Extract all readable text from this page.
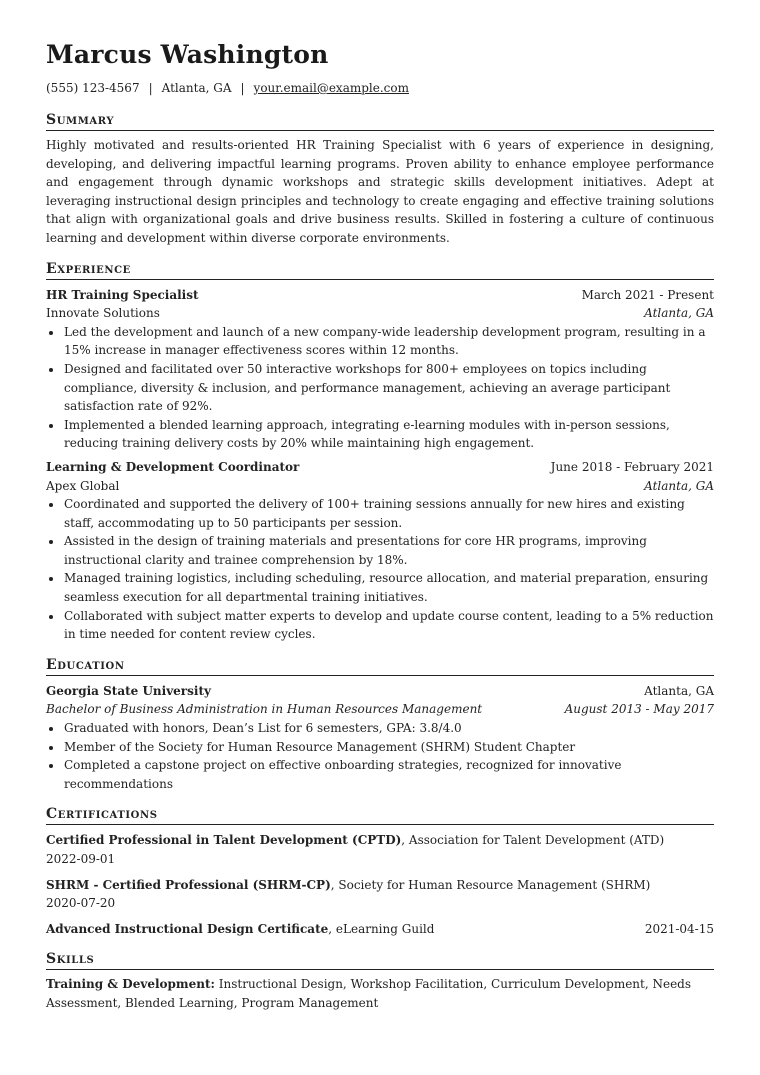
Marcus Washington
(555) 123-4567 | Atlanta, GA | your.email@example.com
Summary
Highly motivated and results-oriented HR Training Specialist with 6 years of experience in designing, developing, and delivering impactful learning programs. Proven ability to enhance employee performance and engagement through dynamic workshops and strategic skills development initiatives. Adept at leveraging instructional design principles and technology to create engaging and effective training solutions that align with organizational goals and drive business results. Skilled in fostering a culture of continuous learning and development within diverse corporate environments.
Experience
HR Training Specialist	March 2021 - Present
Innovate Solutions	Atlanta, GA
• Led the development and launch of a new company-wide leadership development program, resulting in a 15% increase in manager effectiveness scores within 12 months.
• Designed and facilitated over 50 interactive workshops for 800+ employees on topics including compliance, diversity & inclusion, and performance management, achieving an average participant satisfaction rate of 92%.
• Implemented a blended learning approach, integrating e-learning modules with in-person sessions, reducing training delivery costs by 20% while maintaining high engagement.
Learning & Development Coordinator	June 2018 - February 2021
Apex Global	Atlanta, GA
• Coordinated and supported the delivery of 100+ training sessions annually for new hires and existing staff, accommodating up to 50 participants per session.
• Assisted in the design of training materials and presentations for core HR programs, improving instructional clarity and trainee comprehension by 18%.
• Managed training logistics, including scheduling, resource allocation, and material preparation, ensuring seamless execution for all departmental training initiatives.
• Collaborated with subject matter experts to develop and update course content, leading to a 5% reduction in time needed for content review cycles.
Education
Georgia State University	Atlanta, GA
Bachelor of Business Administration in Human Resources Management	August 2013 - May 2017
• Graduated with honors, Dean’s List for 6 semesters, GPA: 3.8/4.0
• Member of the Society for Human Resource Management (SHRM) Student Chapter
• Completed a capstone project on effective onboarding strategies, recognized for innovative recommendations
Certifications
Certified Professional in Talent Development (CPTD), Association for Talent Development (ATD)
2022-09-01
SHRM - Certified Professional (SHRM-CP), Society for Human Resource Management (SHRM)
2020-07-20
Advanced Instructional Design Certificate, eLearning Guild	2021-04-15
Skills
Training & Development: Instructional Design, Workshop Facilitation, Curriculum Development, Needs Assessment, Blended Learning, Program Management
